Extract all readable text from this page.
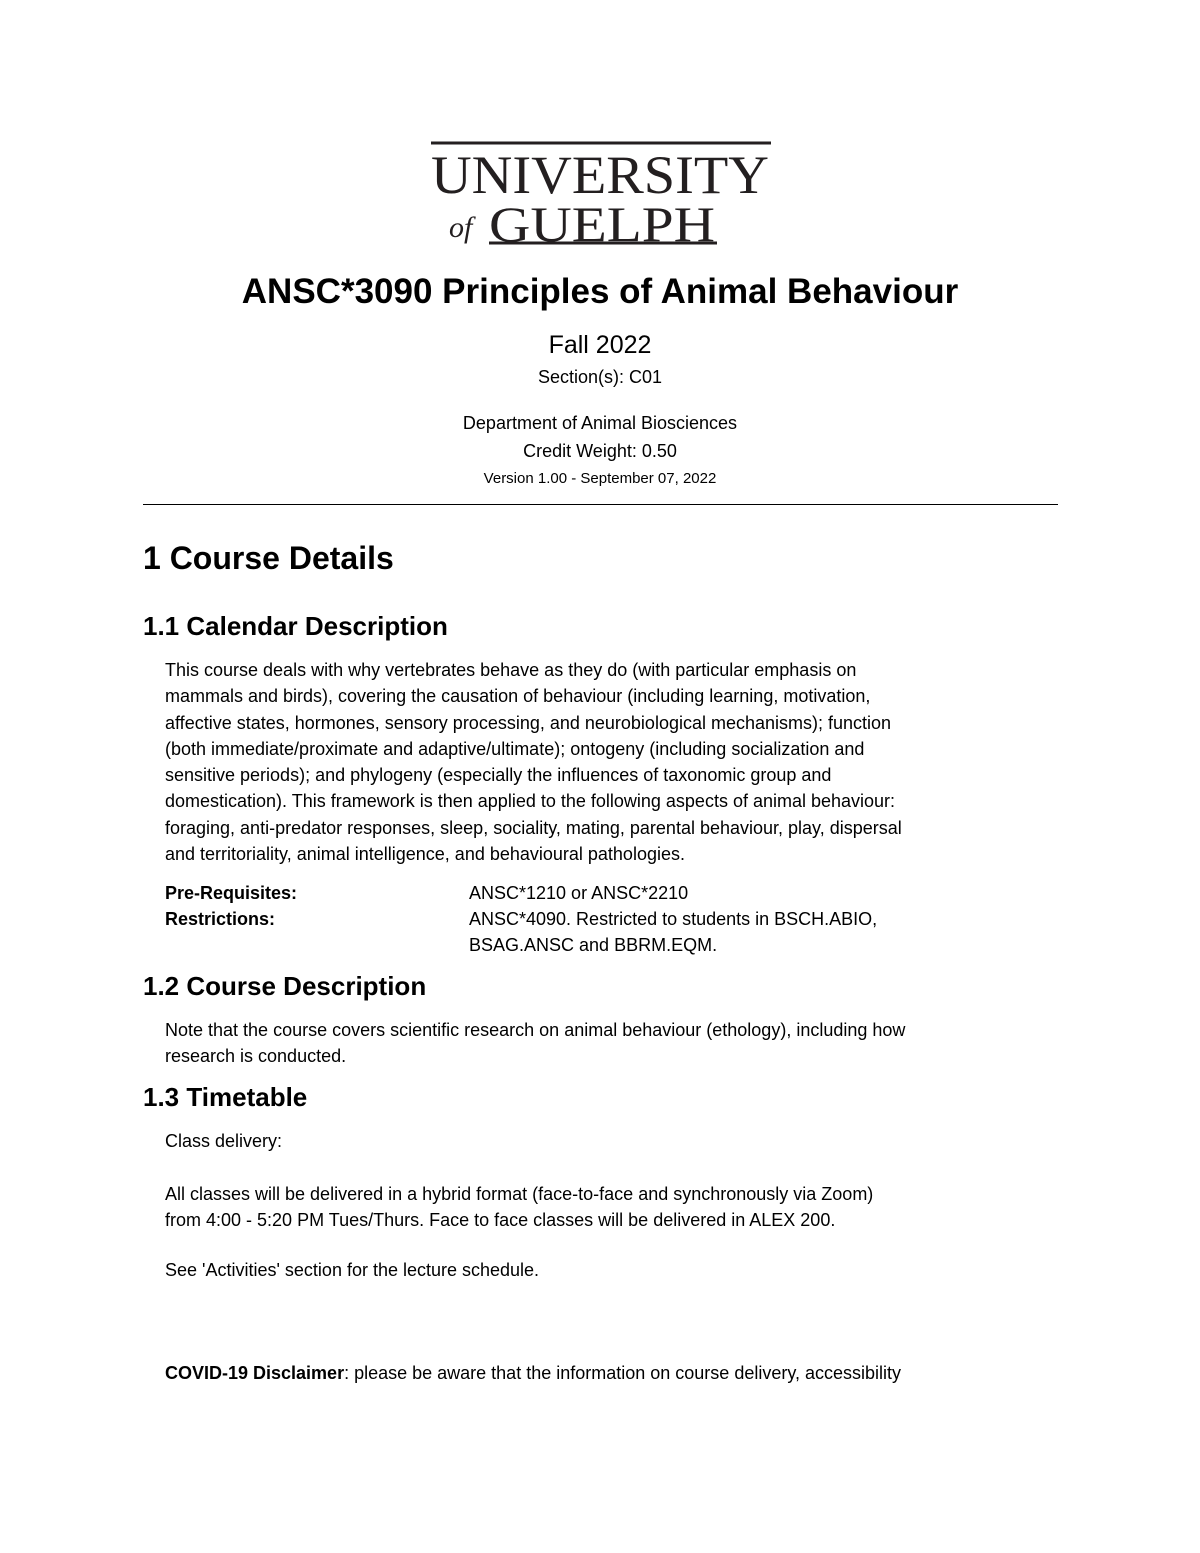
UNIVERSITY
of GUELPH
ANSC*3090 Principles of Animal Behaviour
Fall 2022
Section(s): C01
Department of Animal Biosciences
Credit Weight: 0.50
Version 1.00 - September 07, 2022
1 Course Details
1.1 Calendar Description
This course deals with why vertebrates behave as they do (with particular emphasis on
mammals and birds), covering the causation of behaviour (including learning, motivation,
affective states, hormones, sensory processing, and neurobiological mechanisms); function
(both immediate/proximate and adaptive/ultimate); ontogeny (including socialization and
sensitive periods); and phylogeny (especially the influences of taxonomic group and
domestication). This framework is then applied to the following aspects of animal behaviour:
foraging, anti-predator responses, sleep, sociality, mating, parental behaviour, play, dispersal
and territoriality, animal intelligence, and behavioural pathologies.
Pre-Requisites:	ANSC*1210 or ANSC*2210
Restrictions:	ANSC*4090. Restricted to students in BSCH.ABIO,
BSAG.ANSC and BBRM.EQM.
1.2 Course Description
Note that the course covers scientific research on animal behaviour (ethology), including how
research is conducted.
1.3 Timetable
Class delivery:
All classes will be delivered in a hybrid format (face-to-face and synchronously via Zoom)
from 4:00 - 5:20 PM Tues/Thurs. Face to face classes will be delivered in ALEX 200.
See 'Activities' section for the lecture schedule.
COVID-19 Disclaimer: please be aware that the information on course delivery, accessibility
